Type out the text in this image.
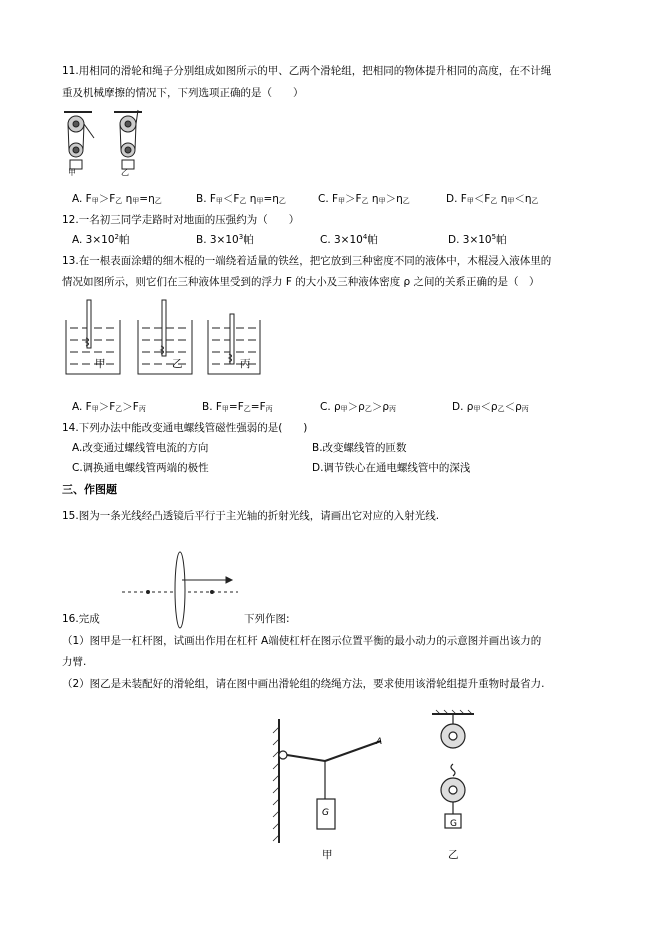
11.用相同的滑轮和绳子分别组成如图所示的甲、乙两个滑轮组，把相同的物体提升相同的高度，在不计绳
重及机械摩擦的情况下，下列选项正确的是（　　）
甲	乙
A. $F_甲>F_乙$ $\eta_甲=\eta_乙$	B. $F_甲<F_乙$ $\eta_甲=\eta_乙$	C. $F_甲>F_乙$ $\eta_甲>\eta_乙$	D. $F_甲<F_乙$ $\eta_甲<\eta_乙$
12.一名初三同学走路时对地面的压强约为（　　）
A. $3\times 10^2$帕	B. $3\times 10^3$帕	C. $3\times 10^4$帕	D. $3\times 10^5$帕
13.在一根表面涂蜡的细木棍的一端绕着适量的铁丝，把它放到三种密度不同的液体中，木棍浸入液体里的
情况如图所示，则它们在三种液体里受到的浮力 F 的大小及三种液体密度 ρ 之间的关系正确的是（　）
甲	乙	丙
A. $F_甲>F_乙>F_丙$	B. $F_甲=F_乙=F_丙$	C. $\rho_甲>\rho_乙>\rho_丙$	D. $\rho_甲<\rho_乙<\rho_丙$
14.下列办法中能改变通电螺线管磁性强弱的是(　　)
A.改变通过螺线管电流的方向	B.改变螺线管的匝数
C.调换通电螺线管两端的极性	D.调节铁心在通电螺线管中的深浅
三、作图题
15.图为一条光线经凸透镜后平行于主光轴的折射光线，请画出它对应的入射光线.
16.完成	下列作图:
（1）图甲是一杠杆图，试画出作用在杠杆 A端使杠杆在图示位置平衡的最小动力的示意图并画出该力的
力臂.
（2）图乙是未装配好的滑轮组，请在图中画出滑轮组的绕绳方法，要求使用该滑轮组提升重物时最省力.
A
G
甲
G
乙
